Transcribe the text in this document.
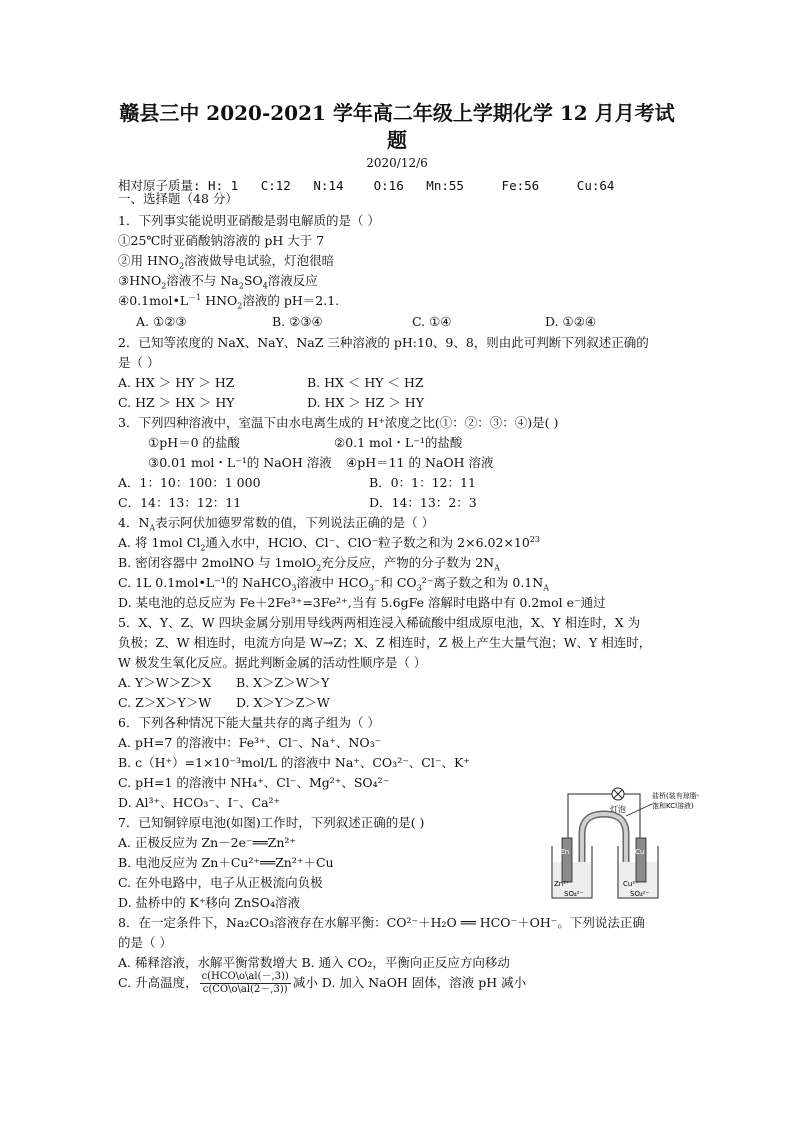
赣县三中 2020-2021 学年高二年级上学期化学 12 月月考试
题
2020/12/6
相对原子质量: H: 1   C:12   N:14    O:16   Mn:55     Fe:56     Cu:64
一、选择题（48 分）
1．下列事实能说明亚硝酸是弱电解质的是（ ）
①25℃时亚硝酸钠溶液的 pH 大于 7
②用 $HNO_2$溶液做导电试验，灯泡很暗
$③HNO_2$溶液不与 $Na_2SO_4$溶液反应
$④0.1mol•L^{-1}$ $HNO_2$溶液的 pH＝2.1.
A. ①②③	B. ②③④	C. ①④	D. ①②④
2．已知等浓度的 NaX、NaY、NaZ 三种溶液的 pH:10、9、8，则由此可判断下列叙述正确的
是（ ）
A. HX ＞ HY ＞ HZ	B. HX ＜ HY ＜ HZ
C. HZ ＞ HX ＞ HY	D. HX ＞ HZ ＞ HY
3．下列四种溶液中，室温下由水电离生成的 H⁺浓度之比(①：②：③：④)是( )
①pH＝0 的盐酸	②0.1 mol・L⁻¹的盐酸
③0.01 mol・L⁻¹的 NaOH 溶液 ④pH＝11 的 NaOH 溶液
A．1：10：100：1 000	B．0：1：12：11
C．14：13：12：11	D．14：13：2：3
4．$N_A$表示阿伏加德罗常数的值，下列说法正确的是（ ）
A. 将 1mol $Cl_2$通入水中，HClO、Cl⁻、ClO⁻粒子数之和为 $2\times 6.02\times 10^{23}$
B. 密闭容器中 2molNO 与 1molO$_2$充分反应，产物的分子数为 $2N_A$
C. 1L 0.1mol•L⁻¹的 NaHCO$_3$溶液中 $HCO_3^-$和 $CO_3^{2-}$离子数之和为 $0.1N_A$
D. 某电池的总反应为 Fe＋2Fe³⁺=3Fe²⁺,当有 5.6gFe 溶解时电路中有 0.2mol e⁻通过
5．X、Y、Z、W 四块金属分别用导线两两相连浸入稀硫酸中组成原电池，X、Y 相连时，X 为
负极；Z、W 相连时，电流方向是 W→Z；X、Z 相连时，Z 极上产生大量气泡；W、Y 相连时，
W 极发生氧化反应。据此判断金属的活动性顺序是（ ）
A. Y＞W＞Z＞X B. X＞Z＞W＞Y
C. Z＞X＞Y＞W D. X＞Y＞Z＞W
6．下列各种情况下能大量共存的离子组为（ ）
A. pH=7 的溶液中：Fe³⁺、Cl⁻、Na⁺、NO₃⁻
B. c（H⁺）=1×10⁻³mol/L 的溶液中 Na⁺、CO₃²⁻、Cl⁻、K⁺
C. pH=1 的溶液中 NH₄⁺、Cl⁻、Mg²⁺、SO₄²⁻
D. Al³⁺、HCO₃⁻、I⁻、Ca²⁺
7．已知铜锌原电池(如图)工作时，下列叙述正确的是( )
A. 正极反应为 Zn－2e⁻══Zn²⁺
B. 电池反应为 Zn＋Cu²⁺══Zn²⁺＋Cu
C. 在外电路中，电子从正极流向负极
D. 盐桥中的 K⁺移向 ZnSO₄溶液
灯泡
盐桥(装有琼脂-
饱和KCl溶液)
Zn	Cu
Zn²⁺
SO₄²⁻
Cu²⁺
SO₄²⁻
8．在一定条件下，Na₂CO₃溶液存在水解平衡：CO²⁻＋H₂O ══ HCO⁻＋OH⁻。下列说法正确
的是（ ）
A. 稀释溶液，水解平衡常数增大 B. 通入 CO₂，平衡向正反应方向移动
C. 升高温度， $\frac{\text{c(HCO\textbackslash{}o\textbackslash{}al(－,3))}}{c(CO\backslash o\backslash al(2-,3))}$ 减小 D. 加入 NaOH 固体，溶液 pH 减小
